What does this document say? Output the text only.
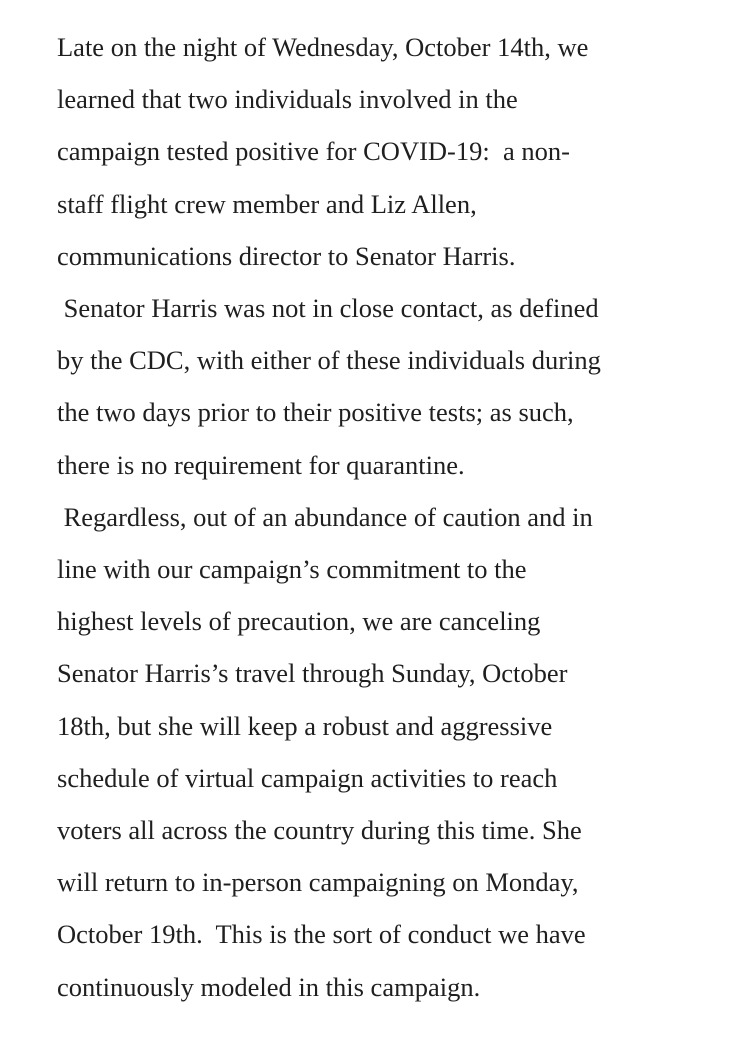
Late on the night of Wednesday, October 14th, we
learned that two individuals involved in the
campaign tested positive for COVID-19:  a non-
staff flight crew member and Liz Allen,
communications director to Senator Harris.
Senator Harris was not in close contact, as defined
by the CDC, with either of these individuals during
the two days prior to their positive tests; as such,
there is no requirement for quarantine.
Regardless, out of an abundance of caution and in
line with our campaign’s commitment to the
highest levels of precaution, we are canceling
Senator Harris’s travel through Sunday, October
18th, but she will keep a robust and aggressive
schedule of virtual campaign activities to reach
voters all across the country during this time. She
will return to in-person campaigning on Monday,
October 19th.  This is the sort of conduct we have
continuously modeled in this campaign.
